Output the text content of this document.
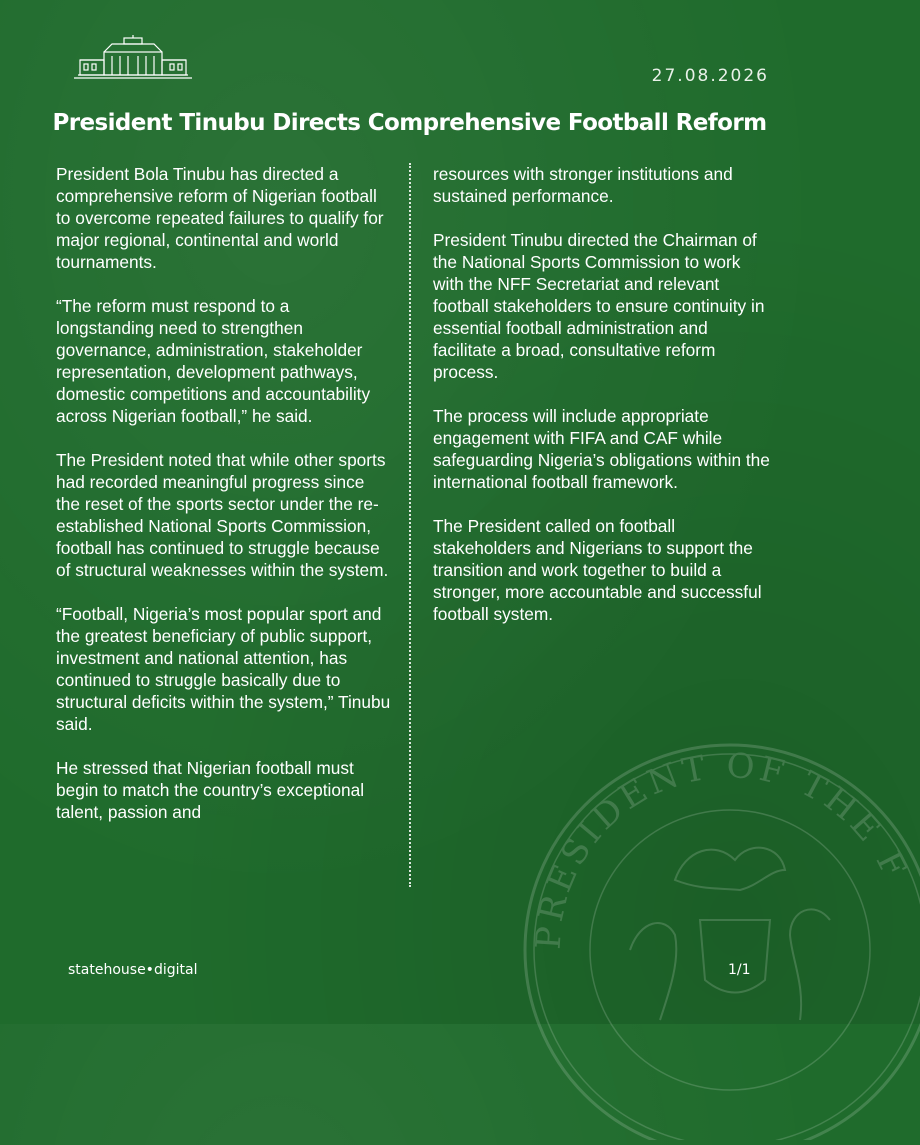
27.08.2026
President Tinubu Directs Comprehensive Football Reform
PRESIDENT OF THE F

President Bola Tinubu has directed a comprehensive reform of Nigerian football to overcome repeated failures to qualify for major regional, continental and world tournaments.

“The reform must respond to a longstanding need to strengthen governance, administration, stakeholder representation, development pathways, domestic competitions and accountability across Nigerian football,” he said.

The President noted that while other sports had recorded meaningful progress since the reset of the sports sector under the re-established National Sports Commission, football has continued to struggle because of structural weaknesses within the system.

“Football, Nigeria’s most popular sport and the greatest beneficiary of public support, investment and national attention, has continued to struggle basically due to structural deficits within the system,” Tinubu said.

He stressed that Nigerian football must begin to match the country’s exceptional talent, passion and

resources with stronger institutions and sustained performance.

President Tinubu directed the Chairman of the National Sports Commission to work with the NFF Secretariat and relevant football stakeholders to ensure continuity in essential football administration and facilitate a broad, consultative reform process.

The process will include appropriate engagement with FIFA and CAF while safeguarding Nigeria’s obligations within the international football framework.

The President called on football stakeholders and Nigerians to support the transition and work together to build a stronger, more accountable and successful football system.

statehouse•digital	1/1
